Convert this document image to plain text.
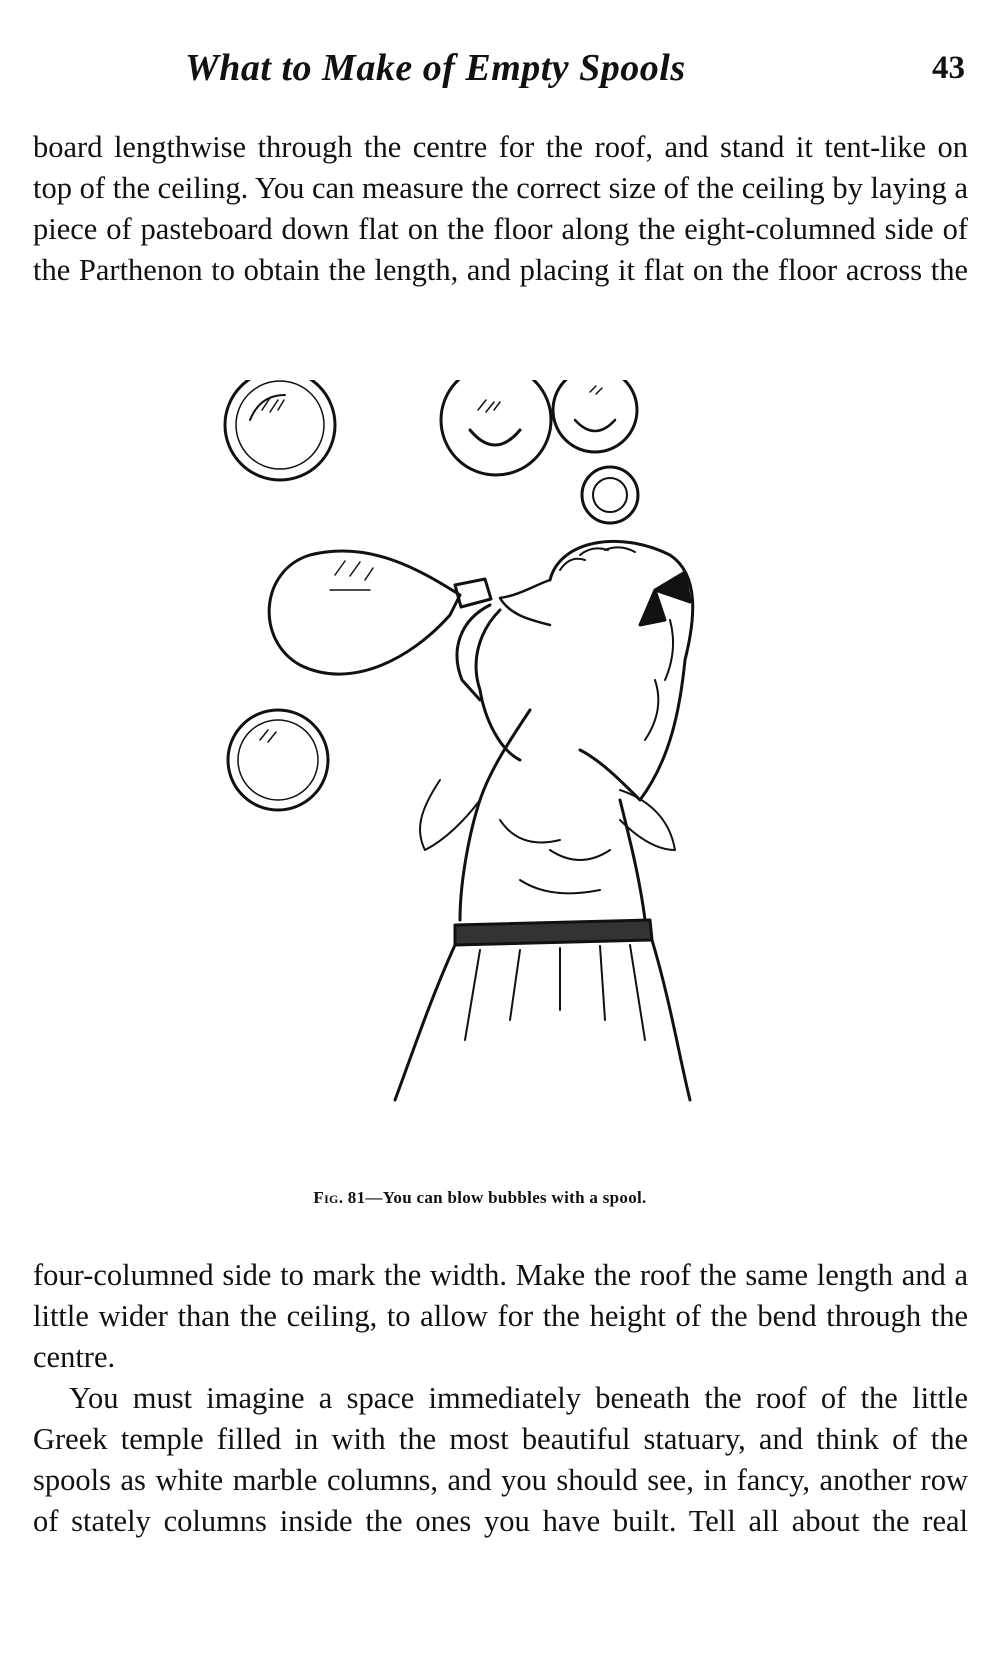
What to Make of Empty Spools	43

board lengthwise through the centre for the roof, and stand it tent-like on top of the ceiling. You can measure the correct size of the ceiling by laying a piece of pasteboard down flat on the floor along the eight-columned side of the Parthenon to obtain the length, and placing it flat on the floor across the

Fig. 81—You can blow bubbles with a spool.

four-columned side to mark the width. Make the roof the same length and a little wider than the ceiling, to allow for the height of the bend through the centre.

You must imagine a space immediately beneath the roof of the little Greek temple filled in with the most beautiful statuary, and think of the spools as white marble columns, and you should see, in fancy, another row of stately columns inside the ones you have built. Tell all about the real
